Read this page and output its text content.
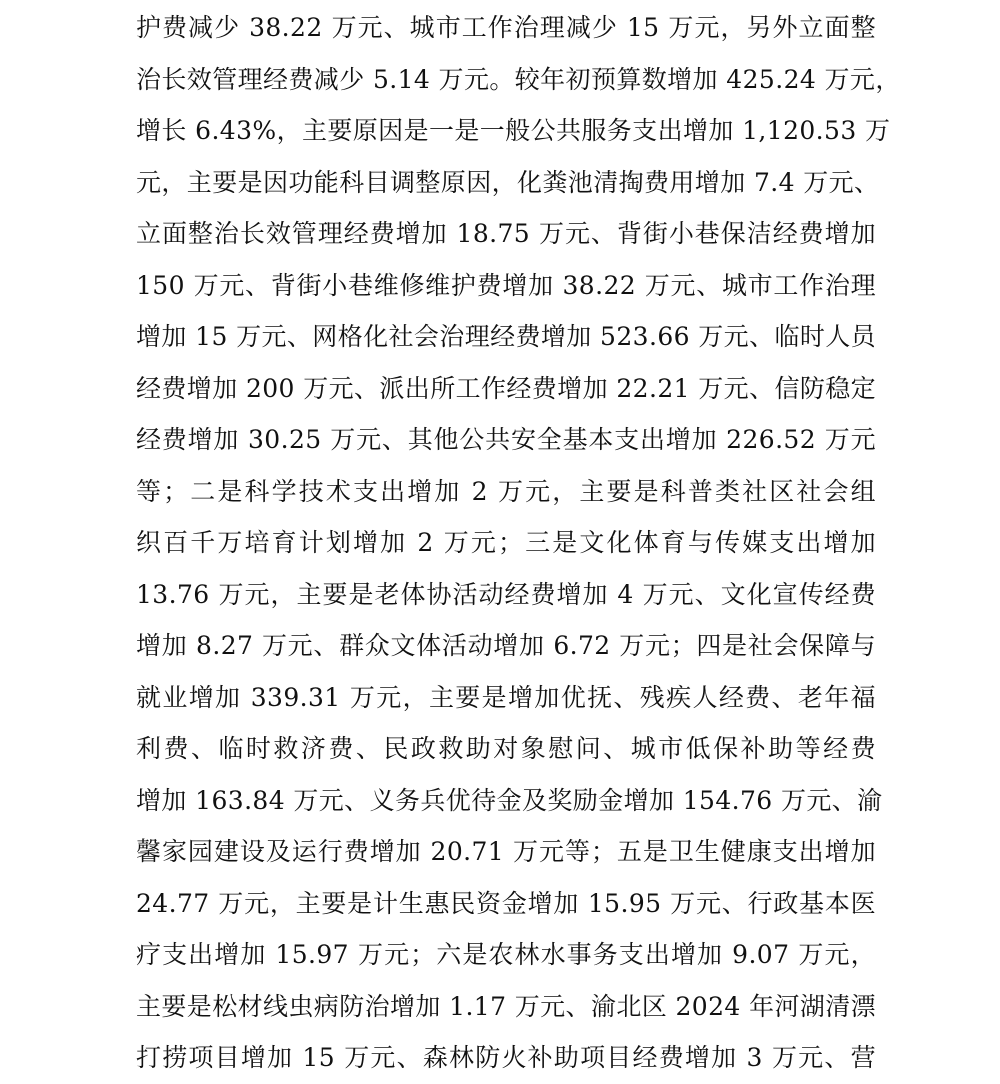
护费减少 38.22 万元、城市工作治理减少 15 万元，另外立面整
治长效管理经费减少 5.14 万元。较年初预算数增加 425.24 万元，
增长 6.43%，主要原因是一是一般公共服务支出增加 1,120.53 万
元，主要是因功能科目调整原因，化粪池清掏费用增加 7.4 万元、
立面整治长效管理经费增加 18.75 万元、背街小巷保洁经费增加
150 万元、背街小巷维修维护费增加 38.22 万元、城市工作治理
增加 15 万元、网格化社会治理经费增加 523.66 万元、临时人员
经费增加 200 万元、派出所工作经费增加 22.21 万元、信防稳定
经费增加 30.25 万元、其他公共安全基本支出增加 226.52 万元
等；二是科学技术支出增加 2 万元，主要是科普类社区社会组
织百千万培育计划增加 2 万元；三是文化体育与传媒支出增加
13.76 万元，主要是老体协活动经费增加 4 万元、文化宣传经费
增加 8.27 万元、群众文体活动增加 6.72 万元；四是社会保障与
就业增加 339.31 万元，主要是增加优抚、残疾人经费、老年福
利费、临时救济费、民政救助对象慰问、城市低保补助等经费
增加 163.84 万元、义务兵优待金及奖励金增加 154.76 万元、渝
馨家园建设及运行费增加 20.71 万元等；五是卫生健康支出增加
24.77 万元，主要是计生惠民资金增加 15.95 万元、行政基本医
疗支出增加 15.97 万元；六是农林水事务支出增加 9.07 万元，
主要是松材线虫病防治增加 1.17 万元、渝北区 2024 年河湖清漂
打捞项目增加 15 万元、森林防火补助项目经费增加 3 万元、营
